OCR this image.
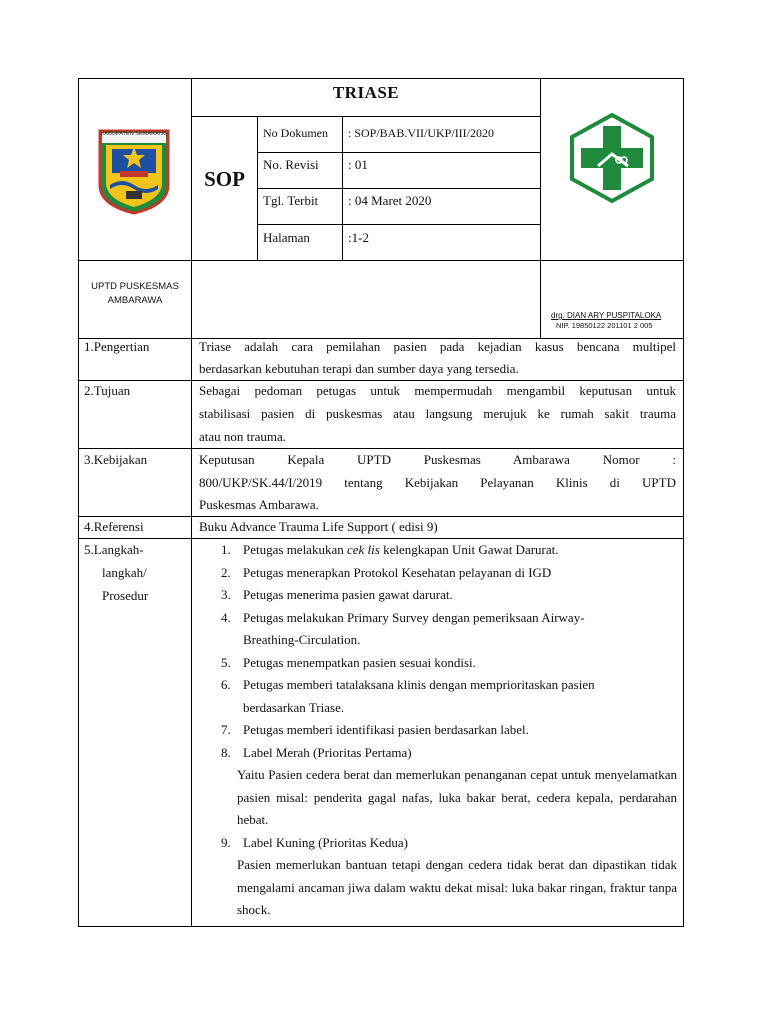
KABUPATEN SEMARANG
TRIASE
SOP
No Dokumen : SOP/BAB.VII/UKP/III/2020
No. Revisi : 01
Tgl. Terbit : 04 Maret 2020
Halaman	:1-2
UPTD PUSKESMAS
AMBARAWA
drg. DIAN ARY PUSPITALOKA
NIP. 19850122 201101 2 005
1.Pengertian	Triase adalah cara pemilahan pasien pada kejadian kasus bencana multipel
berdasarkan kebutuhan terapi dan sumber daya yang tersedia.
2.Tujuan	Sebagai pedoman petugas untuk mempermudah mengambil keputusan untuk
stabilisasi pasien di puskesmas atau langsung merujuk ke rumah sakit trauma
atau non trauma.
3.Kebijakan	Keputusan Kepala UPTD Puskesmas Ambarawa Nomor :
800/UKP/SK.44/I/2019 tentang Kebijakan Pelayanan Klinis di UPTD
Puskesmas Ambarawa.
4.Referensi	Buku Advance Trauma Life Support ( edisi 9)
5.Langkah-
langkah/
Prosedur
1. Petugas melakukan cek lis kelengkapan Unit Gawat Darurat.
2. Petugas menerapkan Protokol Kesehatan pelayanan di IGD
3. Petugas menerima pasien gawat darurat.
4. Petugas melakukan Primary Survey dengan pemeriksaan Airway-
Breathing-Circulation.
5. Petugas menempatkan pasien sesuai kondisi.
6. Petugas memberi tatalaksana klinis dengan memprioritaskan pasien
berdasarkan Triase.
7. Petugas memberi identifikasi pasien berdasarkan label.
8. Label Merah (Prioritas Pertama)
Yaitu Pasien cedera berat dan memerlukan penanganan cepat untuk menyelamatkan pasien misal: penderita gagal nafas, luka bakar berat, cedera kepala, perdarahan hebat.
9. Label Kuning (Prioritas Kedua)
Pasien memerlukan bantuan tetapi dengan cedera tidak berat dan dipastikan tidak mengalami ancaman jiwa dalam waktu dekat misal: luka bakar ringan, fraktur tanpa shock.
